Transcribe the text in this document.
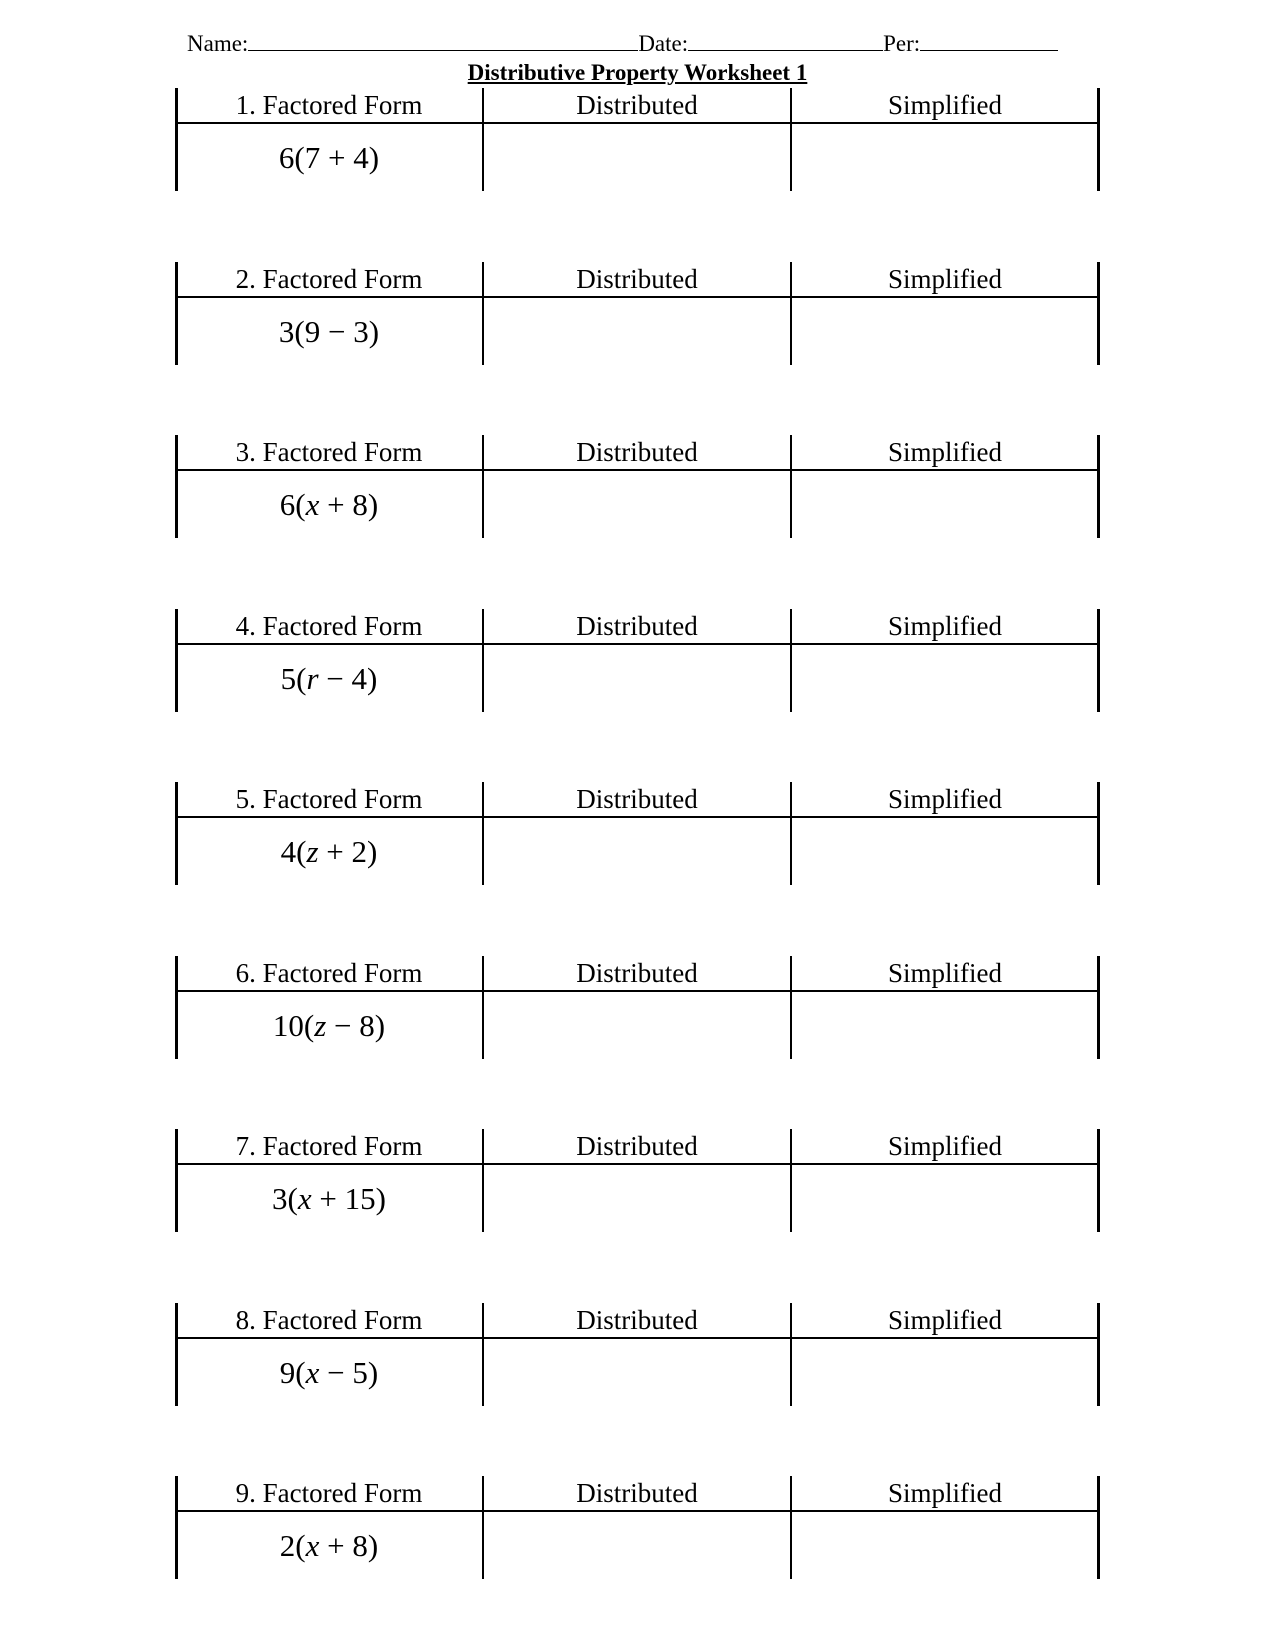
Name:	Date:	Per:
Distributive Property Worksheet 1
1. Factored Form	Distributed	Simplified
6(7 + 4)
2. Factored Form	Distributed	Simplified
3(9 − 3)
3. Factored Form	Distributed	Simplified
6(x + 8)
4. Factored Form	Distributed	Simplified
5(r − 4)
5. Factored Form	Distributed	Simplified
4(z + 2)
6. Factored Form	Distributed	Simplified
10(z − 8)
7. Factored Form	Distributed	Simplified
3(x + 15)
8. Factored Form	Distributed	Simplified
9(x − 5)
9. Factored Form	Distributed	Simplified
2(x + 8)
